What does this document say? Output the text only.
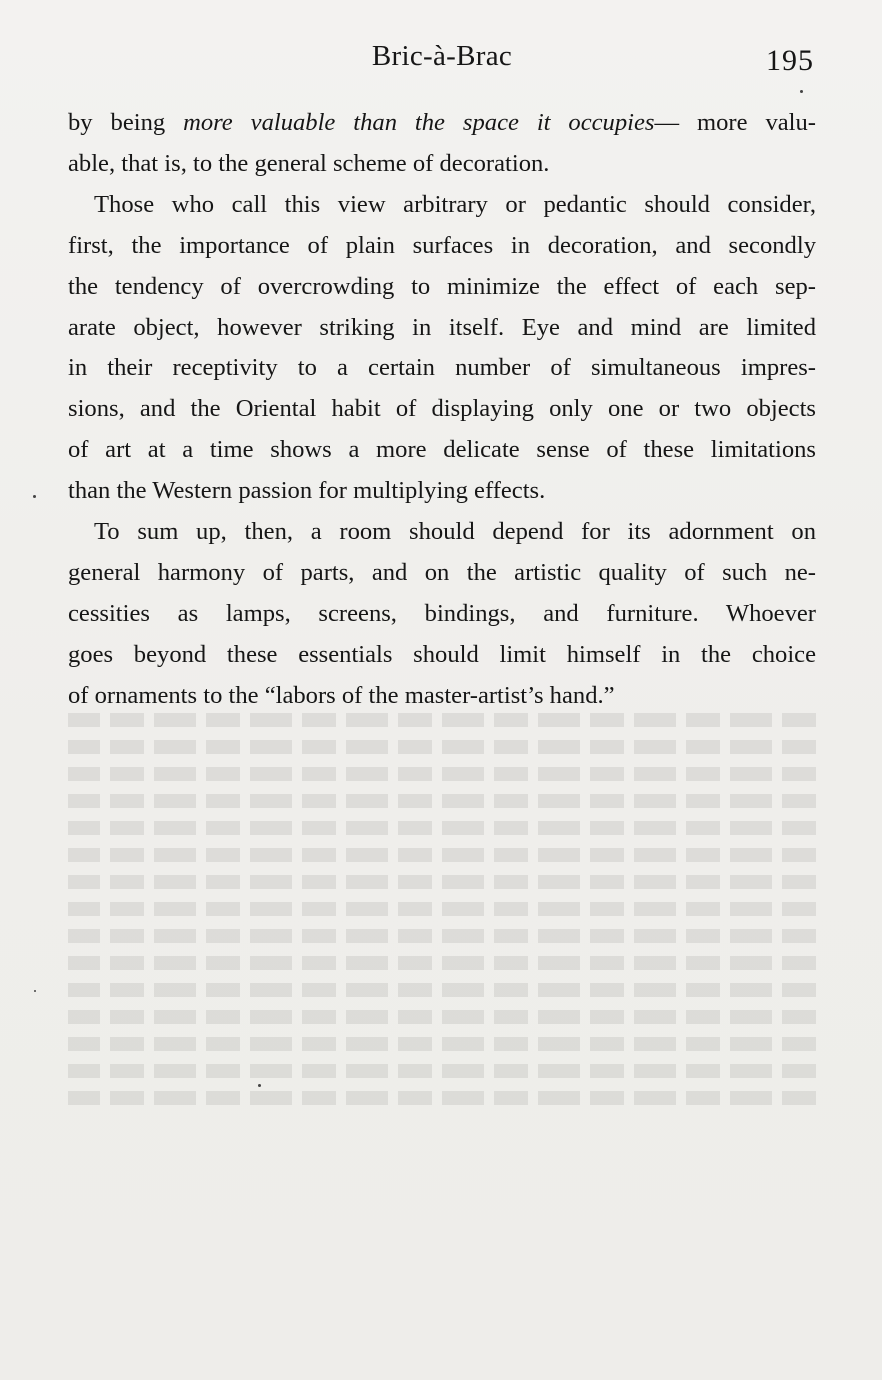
Bric-à-Brac	195

by being more valuable than the space it occupies— more valu-
able, that is, to the general scheme of decoration.

Those who call this view arbitrary or pedantic should consider,
first, the importance of plain surfaces in decoration, and secondly
the tendency of overcrowding to minimize the effect of each sep-
arate object, however striking in itself. Eye and mind are limited
in their receptivity to a certain number of simultaneous impres-
sions, and the Oriental habit of displaying only one or two objects
of art at a time shows a more delicate sense of these limitations
than the Western passion for multiplying effects.

To sum up, then, a room should depend for its adornment on
general harmony of parts, and on the artistic quality of such ne-
cessities as lamps, screens, bindings, and furniture. Whoever
goes beyond these essentials should limit himself in the choice
of ornaments to the “labors of the master-artist’s hand.”
